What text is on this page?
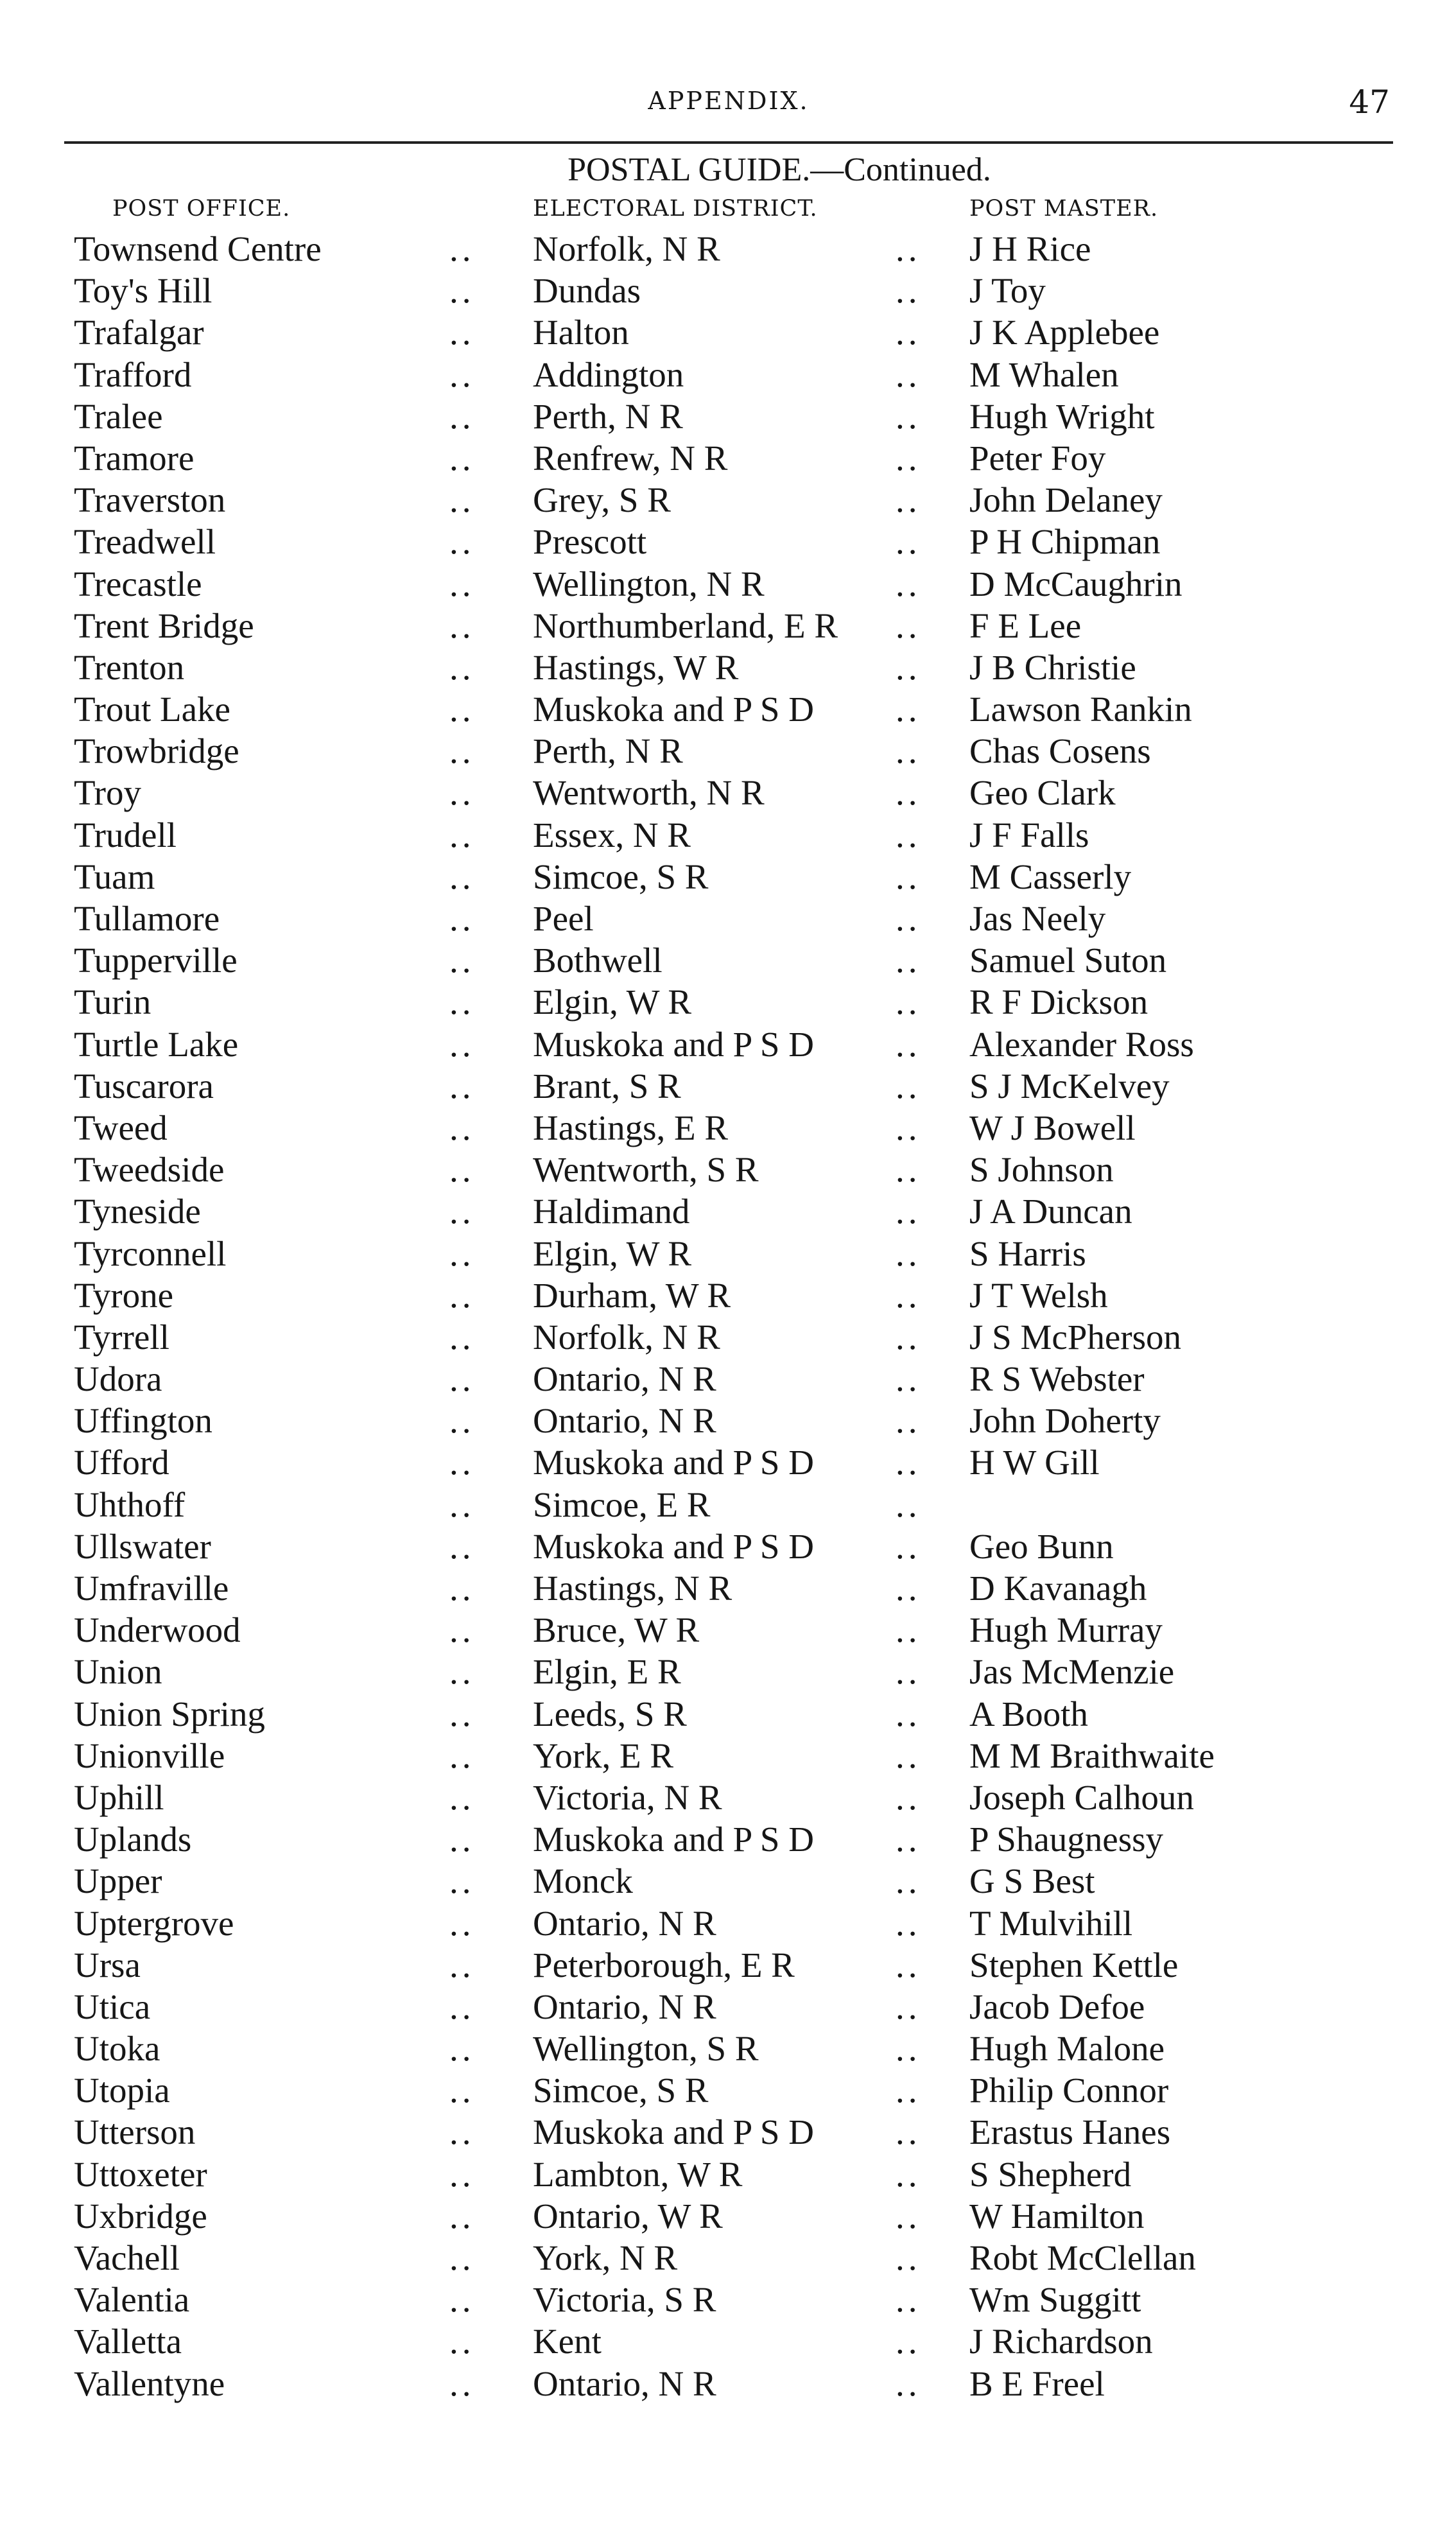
APPENDIX.	47
POSTAL GUIDE.—Continued.
POST OFFICE.	ELECTORAL DISTRICT.	POST MASTER.
Townsend Centre	.. Norfolk, N R	.. J H Rice
Toy's Hill	.. Dundas	.. J Toy
Trafalgar	.. Halton	.. J K Applebee
Trafford	.. Addington	.. M Whalen
Tralee	.. Perth, N R	.. Hugh Wright
Tramore	.. Renfrew, N R	.. Peter Foy
Traverston	.. Grey, S R	.. John Delaney
Treadwell	.. Prescott	.. P H Chipman
Trecastle	.. Wellington, N R	.. D McCaughrin
Trent Bridge	.. Northumberland, E R .. F E Lee
Trenton	.. Hastings, W R	.. J B Christie
Trout Lake	.. Muskoka and P S D .. Lawson Rankin
Trowbridge	.. Perth, N R	.. Chas Cosens
Troy	.. Wentworth, N R	.. Geo Clark
Trudell	.. Essex, N R	.. J F Falls
Tuam	.. Simcoe, S R	.. M Casserly
Tullamore	.. Peel	.. Jas Neely
Tupperville	.. Bothwell	.. Samuel Suton
Turin	.. Elgin, W R	.. R F Dickson
Turtle Lake	.. Muskoka and P S D .. Alexander Ross
Tuscarora	.. Brant, S R	.. S J McKelvey
Tweed	.. Hastings, E R	.. W J Bowell
Tweedside	.. Wentworth, S R	.. S Johnson
Tyneside	.. Haldimand	.. J A Duncan
Tyrconnell	.. Elgin, W R	.. S Harris
Tyrone	.. Durham, W R	.. J T Welsh
Tyrrell	.. Norfolk, N R	.. J S McPherson
Udora	.. Ontario, N R	.. R S Webster
Uffington	.. Ontario, N R	.. John Doherty
Ufford	.. Muskoka and P S D .. H W Gill
Uhthoff	.. Simcoe, E R	..
Ullswater	.. Muskoka and P S D .. Geo Bunn
Umfraville	.. Hastings, N R	.. D Kavanagh
Underwood	.. Bruce, W R	.. Hugh Murray
Union	.. Elgin, E R	.. Jas McMenzie
Union Spring	.. Leeds, S R	.. A Booth
Unionville	.. York, E R	.. M M Braithwaite
Uphill	.. Victoria, N R	.. Joseph Calhoun
Uplands	.. Muskoka and P S D .. P Shaugnessy
Upper	.. Monck	.. G S Best
Uptergrove	.. Ontario, N R	.. T Mulvihill
Ursa	.. Peterborough, E R	.. Stephen Kettle
Utica	.. Ontario, N R	.. Jacob Defoe
Utoka	.. Wellington, S R	.. Hugh Malone
Utopia	.. Simcoe, S R	.. Philip Connor
Utterson	.. Muskoka and P S D .. Erastus Hanes
Uttoxeter	.. Lambton, W R	.. S Shepherd
Uxbridge	.. Ontario, W R	.. W Hamilton
Vachell	.. York, N R	.. Robt McClellan
Valentia	.. Victoria, S R	.. Wm Suggitt
Valletta	.. Kent	.. J Richardson
Vallentyne	.. Ontario, N R	.. B E Freel
